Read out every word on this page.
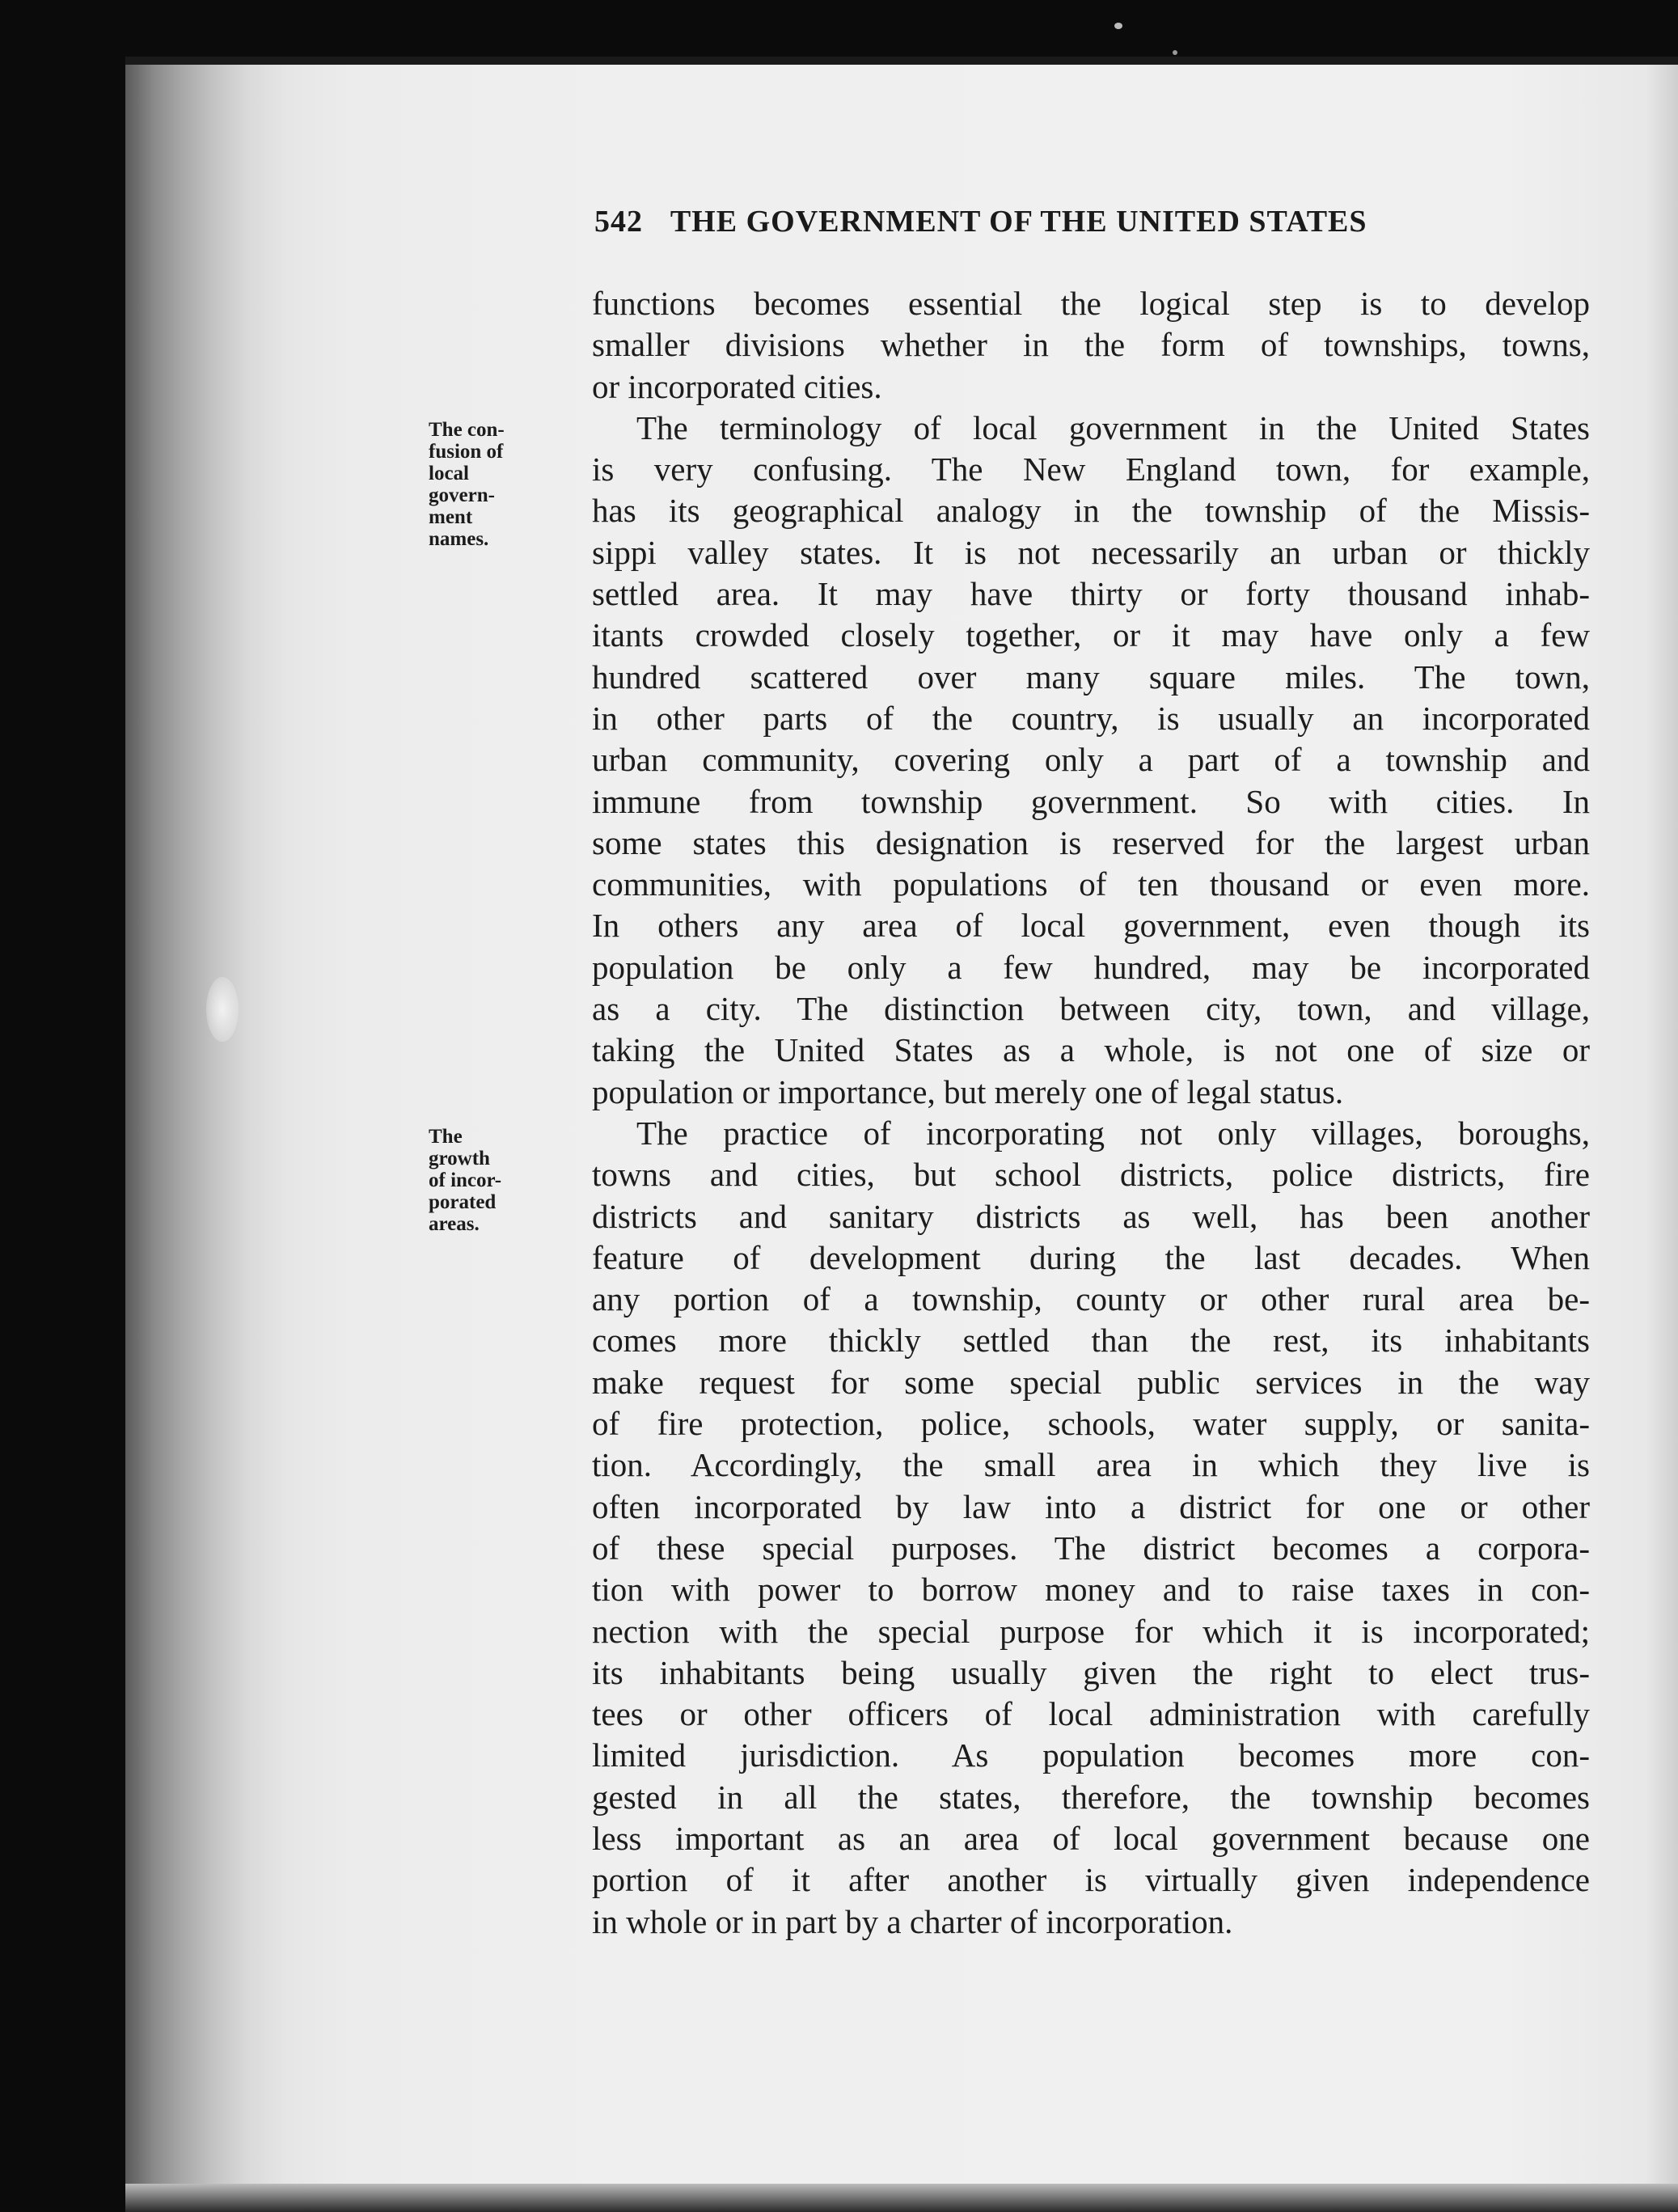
542 THE GOVERNMENT OF THE UNITED STATES
The con-
fusion of
local
govern-
ment
names.
The
growth
of incor-
porated
areas.
functions becomes essential the logical step is to develop
smaller divisions whether in the form of townships, towns,
or incorporated cities.
The terminology of local government in the United States
is very confusing. The New England town, for example,
has its geographical analogy in the township of the Missis-
sippi valley states. It is not necessarily an urban or thickly
settled area. It may have thirty or forty thousand inhab-
itants crowded closely together, or it may have only a few
hundred scattered over many square miles. The town,
in other parts of the country, is usually an incorporated
urban community, covering only a part of a township and
immune from township government. So with cities. In
some states this designation is reserved for the largest urban
communities, with populations of ten thousand or even more.
In others any area of local government, even though its
population be only a few hundred, may be incorporated
as a city. The distinction between city, town, and village,
taking the United States as a whole, is not one of size or
population or importance, but merely one of legal status.
The practice of incorporating not only villages, boroughs,
towns and cities, but school districts, police districts, fire
districts and sanitary districts as well, has been another
feature of development during the last decades. When
any portion of a township, county or other rural area be-
comes more thickly settled than the rest, its inhabitants
make request for some special public services in the way
of fire protection, police, schools, water supply, or sanita-
tion. Accordingly, the small area in which they live is
often incorporated by law into a district for one or other
of these special purposes. The district becomes a corpora-
tion with power to borrow money and to raise taxes in con-
nection with the special purpose for which it is incorporated;
its inhabitants being usually given the right to elect trus-
tees or other officers of local administration with carefully
limited jurisdiction. As population becomes more con-
gested in all the states, therefore, the township becomes
less important as an area of local government because one
portion of it after another is virtually given independence
in whole or in part by a charter of incorporation.
